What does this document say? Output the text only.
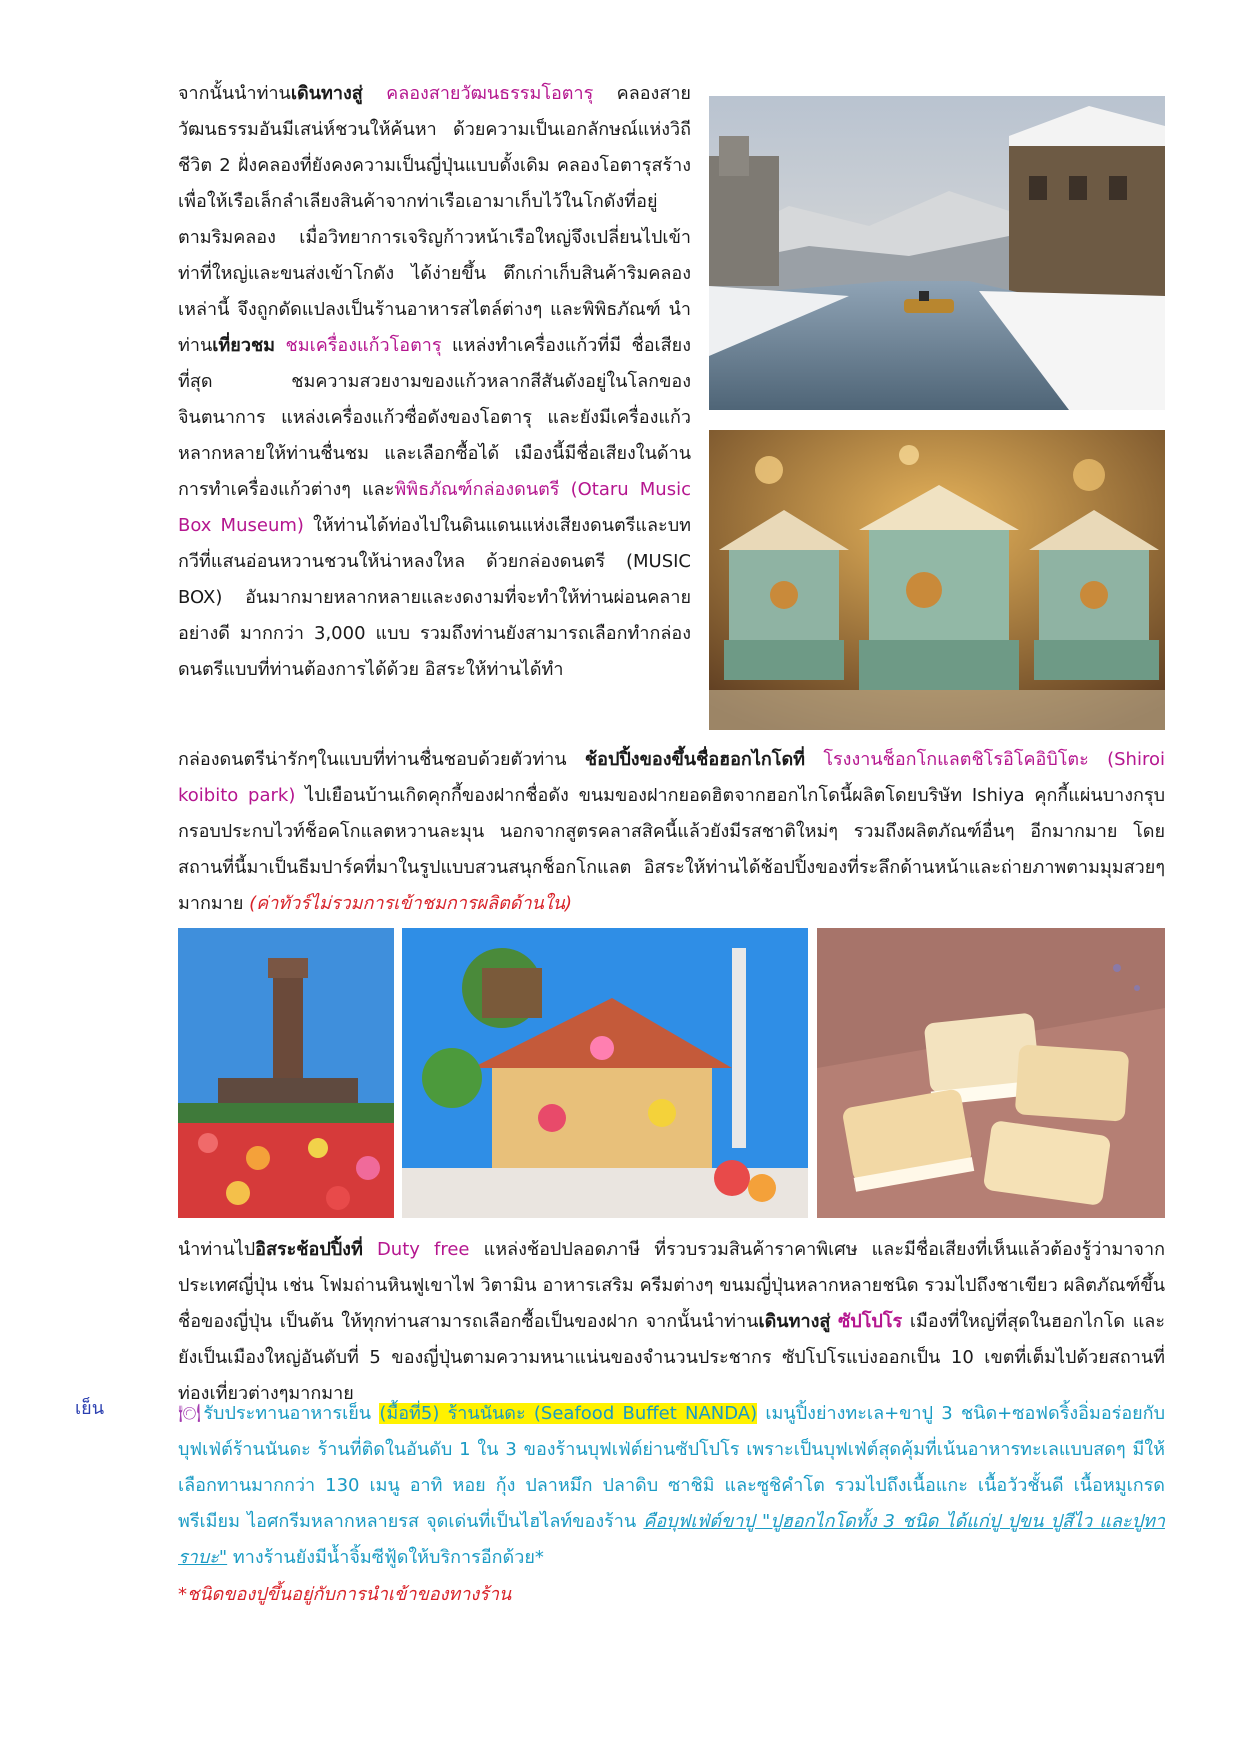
จากนั้นนำท่านเดินทางสู่ คลองสายวัฒนธรรมโอตารุ คลองสายวัฒนธรรมอันมีเสน่ห์ชวนให้ค้นหา ด้วยความเป็นเอกลักษณ์แห่งวิถีชีวิต 2 ฝั่งคลองที่ยังคงความเป็นญี่ปุ่นแบบดั้งเดิม คลองโอตารุสร้างเพื่อให้เรือเล็กลำเลียงสินค้าจากท่าเรือเอามาเก็บไว้ในโกดังที่อยู่ตามริมคลอง เมื่อวิทยาการเจริญก้าวหน้าเรือใหญ่จึงเปลี่ยนไปเข้าท่าที่ใหญ่และขนส่งเข้าโกดัง ได้ง่ายขึ้น ตึกเก่าเก็บสินค้าริมคลองเหล่านี้ จึงถูกดัดแปลงเป็นร้านอาหารสไตล์ต่างๆ และพิพิธภัณฑ์ นำท่านเที่ยวชม ชมเครื่องแก้วโอตารุ แหล่งทำเครื่องแก้วที่มี ชื่อเสียงที่สุด ชมความสวยงามของแก้วหลากสีสันดังอยู่ในโลกของจินตนาการ แหล่งเครื่องแก้วซื่อดังของโอตารุ และยังมีเครื่องแก้วหลากหลายให้ท่านชื่นชม และเลือกซื้อได้ เมืองนี้มีชื่อเสียงในด้านการทำเครื่องแก้วต่างๆ และพิพิธภัณฑ์กล่องดนตรี (Otaru Music Box Museum) ให้ท่านได้ท่องไปในดินแดนแห่งเสียงดนตรีและบทกวีที่แสนอ่อนหวานชวนให้น่าหลงใหล ด้วยกล่องดนตรี (MUSIC BOX) อันมากมายหลากหลายและงดงามที่จะทำให้ท่านผ่อนคลายอย่างดี มากกว่า 3,000 แบบ รวมถึงท่านยังสามารถเลือกทำกล่องดนตรีแบบที่ท่านต้องการได้ด้วย อิสระให้ท่านได้ทำ
กล่องดนตรีน่ารักๆในแบบที่ท่านชื่นชอบด้วยตัวท่าน ช้อปปิ้งของขึ้นชื่อฮอกไกโดที่ โรงงานช็อกโกแลตชิโรอิโคอิบิโตะ (Shiroi koibito park) ไปเยือนบ้านเกิดคุกกี้ของฝากชื่อดัง ขนมของฝากยอดฮิตจากฮอกไกโดนี้ผลิตโดยบริษัท Ishiya คุกกี้แผ่นบางกรุบกรอบประกบไวท์ช็อคโกแลตหวานละมุน นอกจากสูตรคลาสสิคนี้แล้วยังมีรสชาติใหม่ๆ รวมถึงผลิตภัณฑ์อื่นๆ อีกมากมาย โดยสถานที่นี้มาเป็นธีมปาร์คที่มาในรูปแบบสวนสนุกช็อกโกแลต อิสระให้ท่านได้ช้อปปิ้งของที่ระลึกด้านหน้าและถ่ายภาพตามมุมสวยๆมากมาย (ค่าทัวร์ไม่รวมการเข้าชมการผลิตด้านใน)
นำท่านไปอิสระช้อปปิ้งที่ Duty free แหล่งช้อปปลอดภาษี ที่รวบรวมสินค้าราคาพิเศษ และมีชื่อเสียงที่เห็นแล้วต้องรู้ว่ามาจากประเทศญี่ปุ่น เช่น โฟมถ่านหินฟูเขาไฟ วิตามิน อาหารเสริม ครีมต่างๆ ขนมญี่ปุ่นหลากหลายชนิด รวมไปถึงชาเขียว ผลิตภัณฑ์ขึ้นชื่อของญี่ปุ่น เป็นต้น ให้ทุกท่านสามารถเลือกซื้อเป็นของฝาก จากนั้นนำท่านเดินทางสู่ ซัปโปโร เมืองที่ใหญ่ที่สุดในฮอกไกโด และยังเป็นเมืองใหญ่อันดับที่ 5 ของญี่ปุ่นตามความหนาแน่นของจำนวนประชากร ซัปโปโรแบ่งออกเป็น 10 เขตที่เต็มไปด้วยสถานที่ท่องเที่ยวต่างๆมากมาย
เย็น	🍽รับประทานอาหารเย็น (มื้อที่5) ร้านนันดะ (Seafood Buffet NANDA) เมนูปิ้งย่างทะเล+ขาปู 3 ชนิด+ซอฟดริ้งอิ่มอร่อยกับบุฟเฟ่ต์ร้านนันดะ ร้านที่ติดในอันดับ 1 ใน 3 ของร้านบุฟเฟ่ต์ย่านซัปโปโร เพราะเป็นบุฟเฟ่ต์สุดคุ้มที่เน้นอาหารทะเลแบบสดๆ มีให้เลือกทานมากกว่า 130 เมนู อาทิ หอย กุ้ง ปลาหมึก ปลาดิบ ซาชิมิ และซูชิคำโต รวมไปถึงเนื้อแกะ เนื้อวัวชั้นดี เนื้อหมูเกรดพรีเมียม ไอศกรีมหลากหลายรส จุดเด่นที่เป็นไฮไลท์ของร้าน คือบุฟเฟ่ต์ขาปู "ปูฮอกไกโดทั้ง 3 ชนิด ได้แก่ปู ปูขน ปูสีไว และปูทาราบะ" ทางร้านยังมีน้ำจิ้มซีฟู้ดให้บริการอีกด้วย*
*ชนิดของปูขึ้นอยู่กับการนำเข้าของทางร้าน
